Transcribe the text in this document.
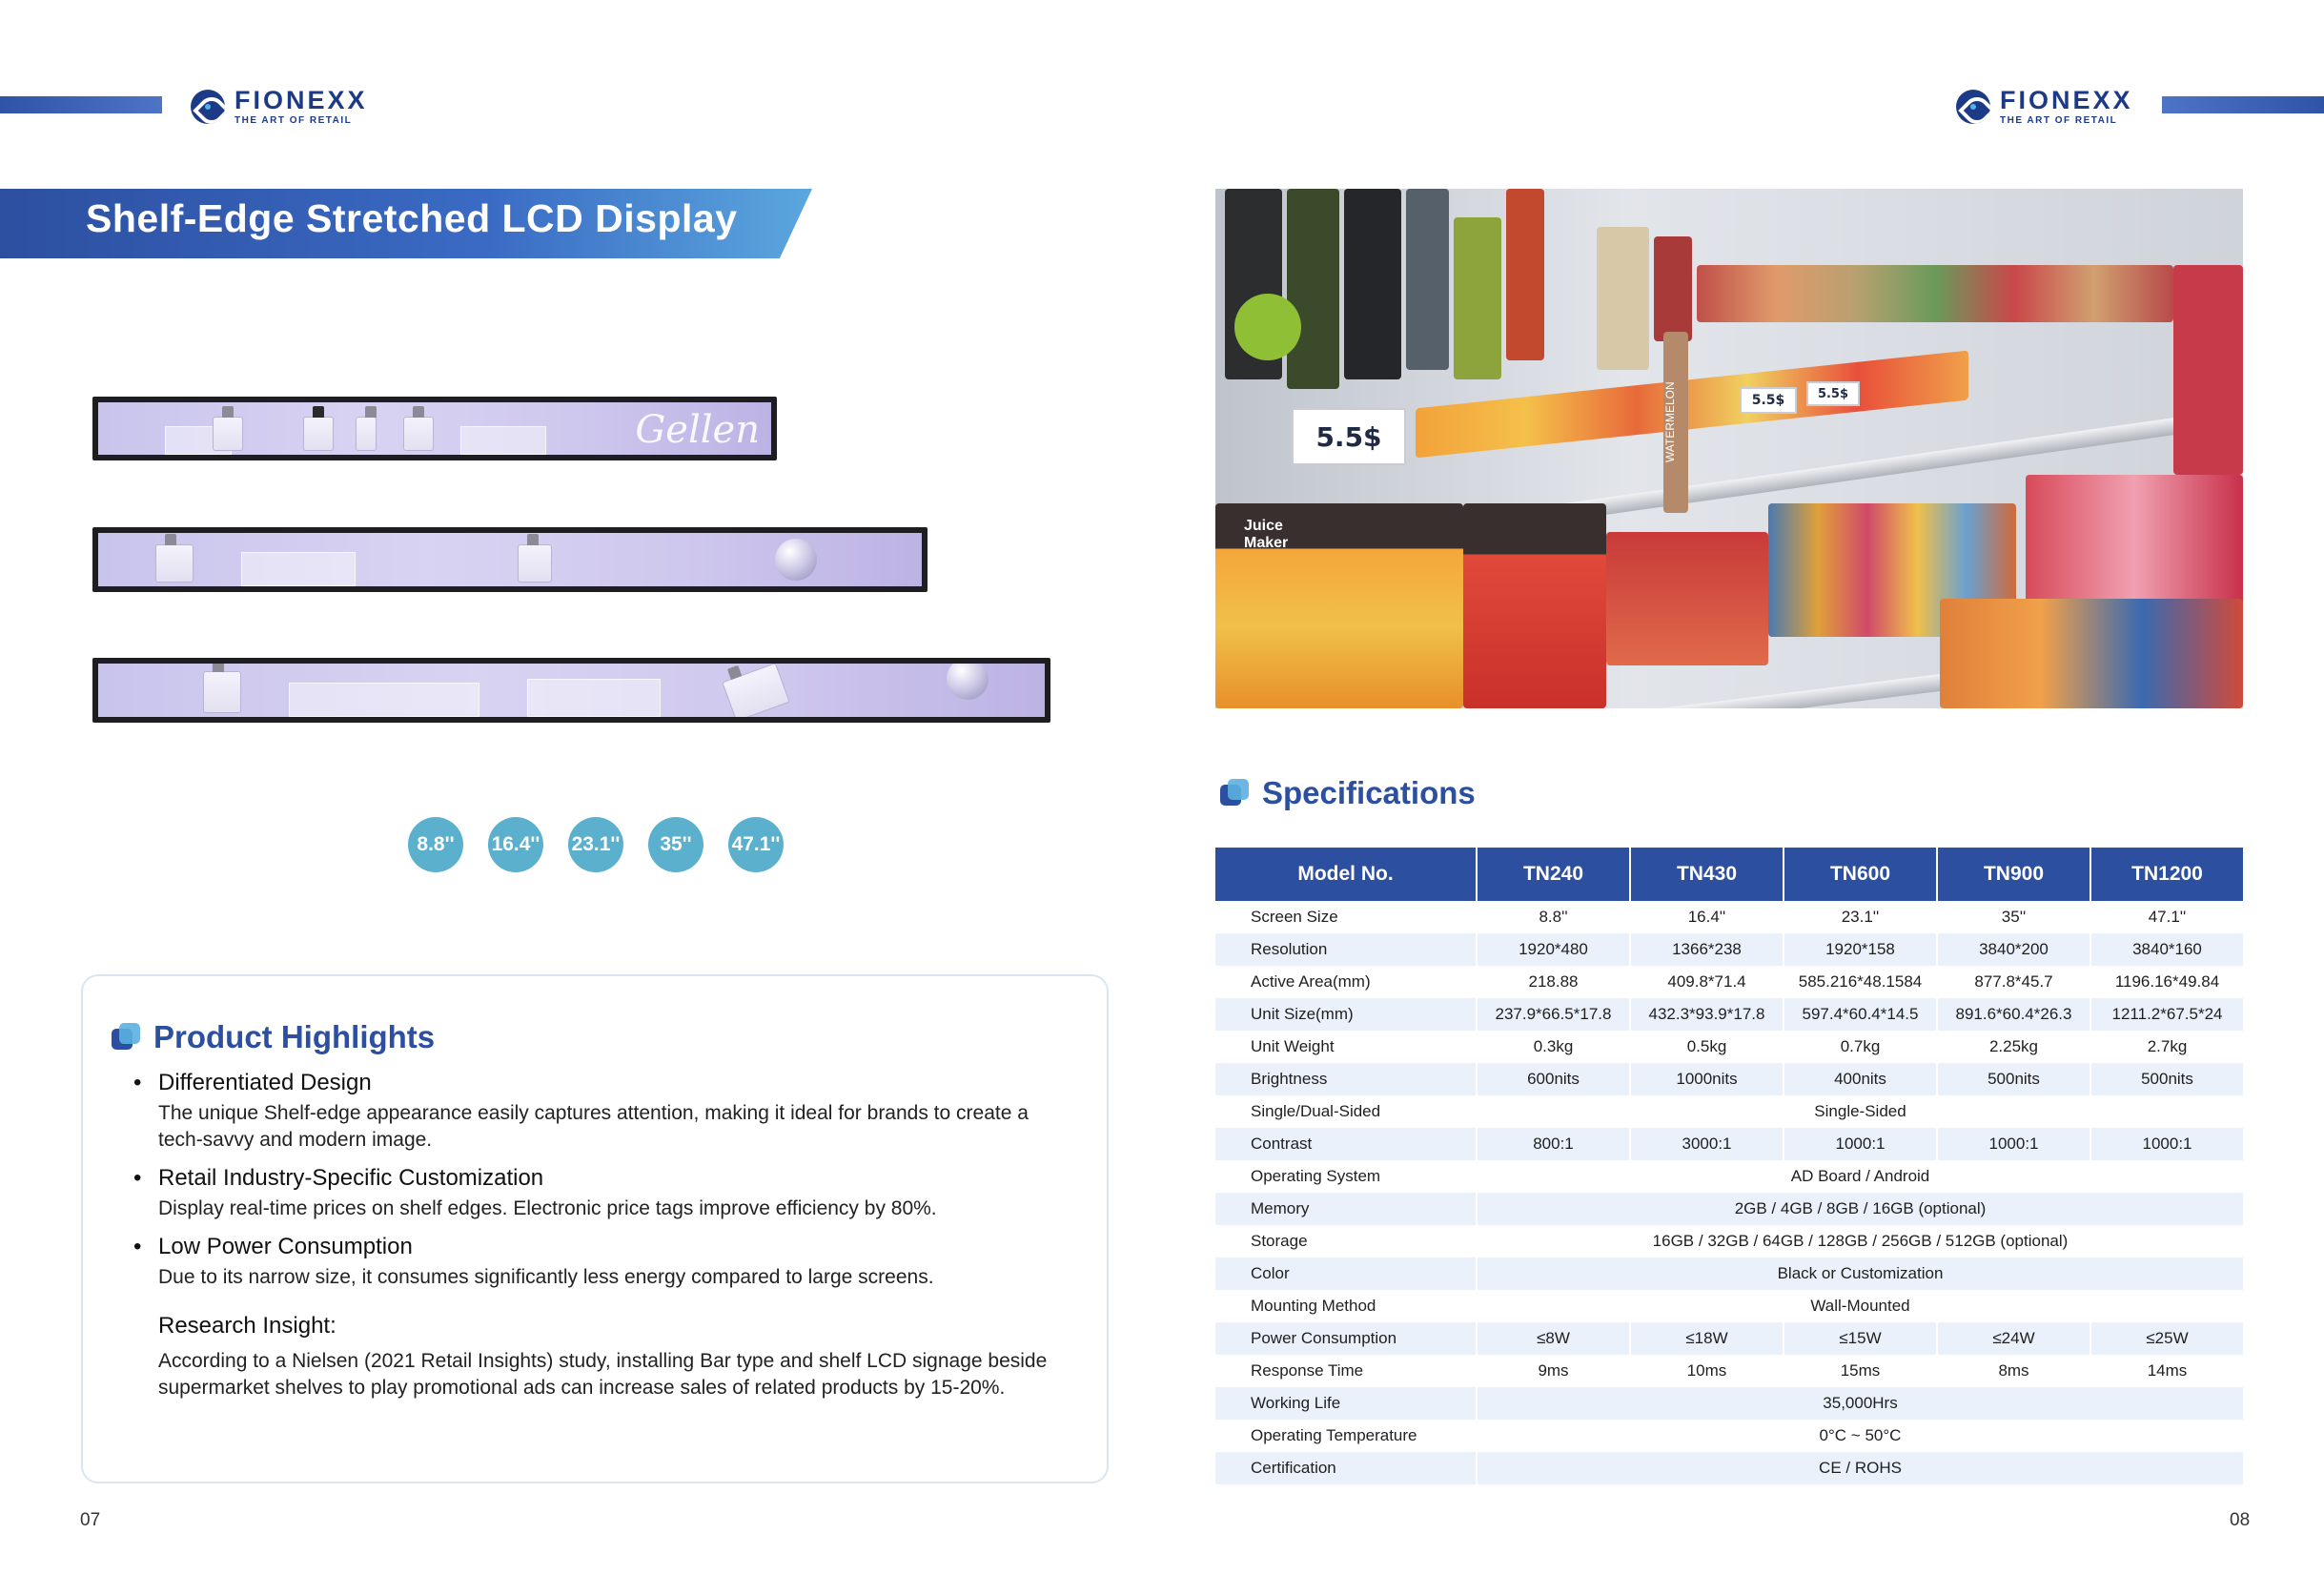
FIONEXX
THE ART OF RETAIL
FIONEXX
THE ART OF RETAIL
Shelf-Edge Stretched LCD Display
Gellen
8.8''	16.4'' 23.1''	35''	47.1''
Product Highlights
• Differentiated Design
The unique Shelf-edge appearance easily captures attention, making it ideal for brands to create a tech-savvy and modern image.
• Retail Industry-Specific Customization
Display real-time prices on shelf edges. Electronic price tags improve efficiency by 80%.
• Low Power Consumption
Due to its narrow size, it consumes significantly less energy compared to large screens.
Research Insight:
According to a Nielsen (2021 Retail Insights) study, installing Bar type and shelf LCD signage beside supermarket shelves to play promotional ads can increase sales of related products by 15-20%.
07
5.5$
5.5$	5.5$
Juice Maker
WATERMELON
Specifications
Model No.	TN240	TN430	TN600	TN900	TN1200
Screen Size	8.8''	16.4''	23.1''	35''	47.1''
Resolution	1920*480	1366*238	1920*158	3840*200	3840*160
Active Area(mm)	218.88	409.8*71.4	585.216*48.1584	877.8*45.7	1196.16*49.84
Unit Size(mm)	237.9*66.5*17.8	432.3*93.9*17.8	597.4*60.4*14.5	891.6*60.4*26.3	1211.2*67.5*24
Unit Weight	0.3kg	0.5kg	0.7kg	2.25kg	2.7kg
Brightness	600nits	1000nits	400nits	500nits	500nits
Single/Dual-Sided	Single-Sided				
Contrast	800:1	3000:1	1000:1	1000:1	1000:1
Operating System	AD Board / Android				
Memory	2GB / 4GB / 8GB / 16GB (optional)				
Storage	16GB / 32GB / 64GB / 128GB / 256GB / 512GB (optional)				
Color	Black or Customization				
Mounting Method	Wall-Mounted				
Power Consumption	≤8W	≤18W	≤15W	≤24W	≤25W
Response Time	9ms	10ms	15ms	8ms	14ms
Working Life	35,000Hrs				
Operating Temperature	0°C ~ 50°C				
Certification	CE / ROHS				
08
